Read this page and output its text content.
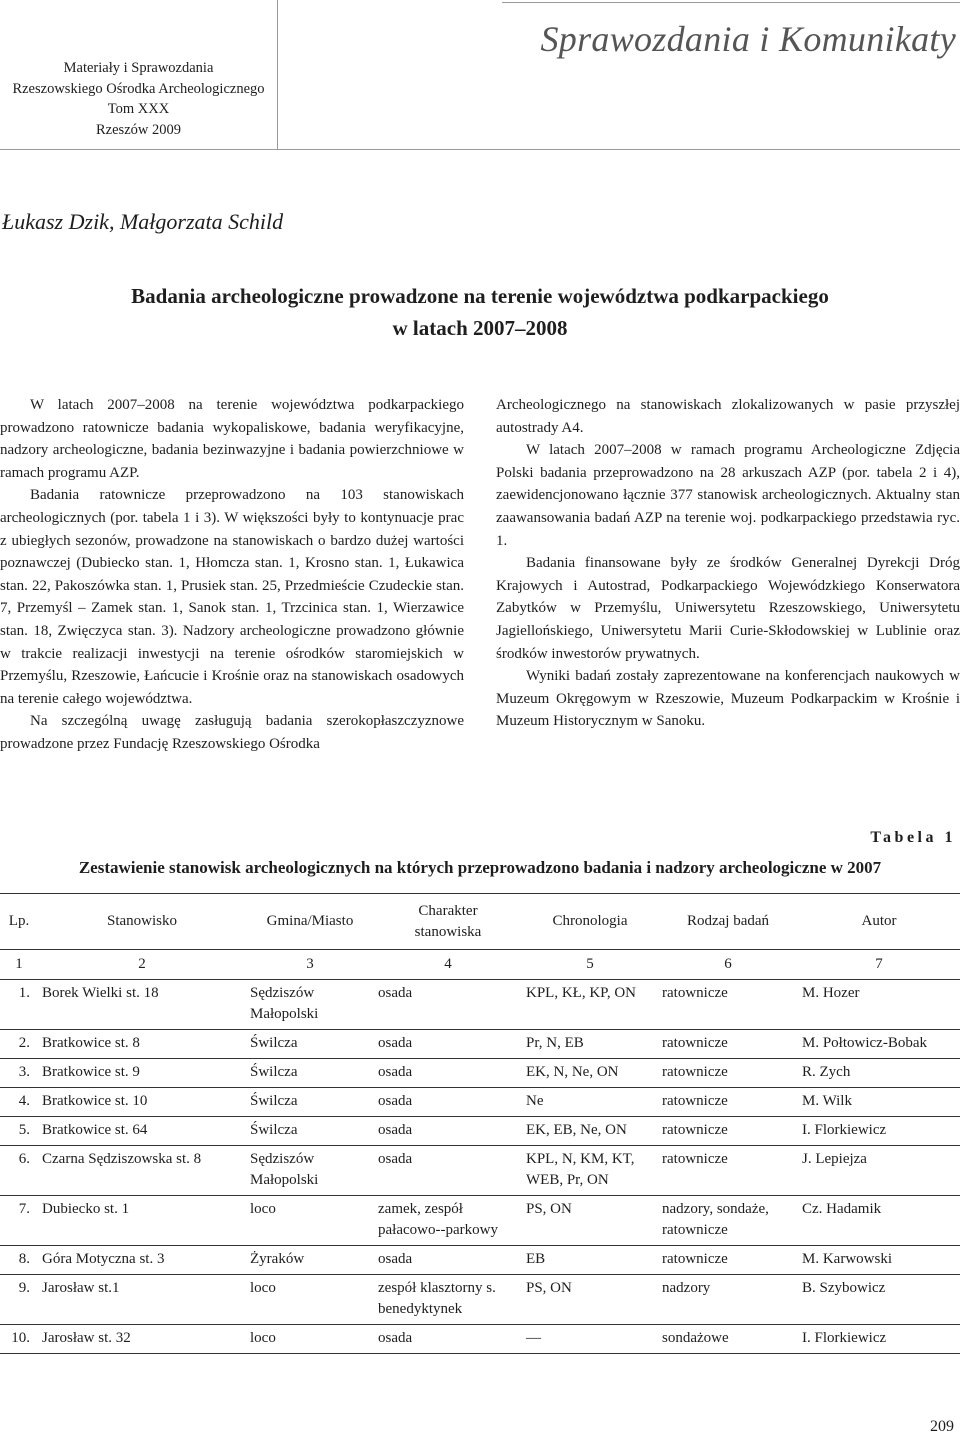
Materiały i Sprawozdania
Rzeszowskiego Ośrodka Archeologicznego
Tom XXX
Rzeszów 2009
Sprawozdania i Komunikaty
Łukasz Dzik, Małgorzata Schild
Badania archeologiczne prowadzone na terenie województwa podkarpackiego
w latach 2007–2008

W latach 2007–2008 na terenie województwa podkarpackiego prowadzono ratownicze badania wykopaliskowe, badania weryfikacyjne, nadzory archeologiczne, badania bezinwazyjne i badania powierzchniowe w ramach programu AZP.

Badania ratownicze przeprowadzono na 103 stanowiskach archeologicznych (por. tabela 1 i 3). W większości były to kontynuacje prac z ubiegłych sezonów, prowadzone na stanowiskach o bardzo dużej wartości poznawczej (Dubiecko stan. 1, Hłomcza stan. 1, Krosno stan. 1, Łukawica stan. 22, Pakoszówka stan. 1, Prusiek stan. 25, Przedmieście Czudeckie stan. 7, Przemyśl – Zamek stan. 1, Sanok stan. 1, Trzcinica stan. 1, Wierzawice stan. 18, Zwięczyca stan. 3). Nadzory archeologiczne prowadzono głównie w trakcie realizacji inwestycji na terenie ośrodków staromiejskich w Przemyślu, Rzeszowie, Łańcucie i Krośnie oraz na stanowiskach osadowych na terenie całego województwa.

Na szczególną uwagę zasługują badania szerokopłaszczyznowe prowadzone przez Fundację Rzeszowskiego Ośrodka

Archeologicznego na stanowiskach zlokalizowanych w pasie przyszłej autostrady A4.

W latach 2007–2008 w ramach programu Archeologiczne Zdjęcia Polski badania przeprowadzono na 28 arkuszach AZP (por. tabela 2 i 4), zaewidencjonowano łącznie 377 stanowisk archeologicznych. Aktualny stan zaawansowania badań AZP na terenie woj. podkarpackiego przedstawia ryc. 1.

Badania finansowane były ze środków Generalnej Dyrekcji Dróg Krajowych i Autostrad, Podkarpackiego Wojewódzkiego Konserwatora Zabytków w Przemyślu, Uniwersytetu Rzeszowskiego, Uniwersytetu Jagiellońskiego, Uniwersytetu Marii Curie-Skłodowskiej w Lublinie oraz środków inwestorów prywatnych.

Wyniki badań zostały zaprezentowane na konferencjach naukowych w Muzeum Okręgowym w Rzeszowie, Muzeum Podkarpackim w Krośnie i Muzeum Historycznym w Sanoku.

Tabela 1
Zestawienie stanowisk archeologicznych na których przeprowadzono badania i nadzory archeologiczne w 2007
Lp.	Stanowisko	Gmina/Miasto	Charakter stanowiska	Chronologia	Rodzaj badań	Autor
1	2	3	4	5	6	7
1.	Borek Wielki st. 18	Sędziszów Małopolski	osada	KPL, KŁ, KP, ON	ratownicze	M. Hozer
2.	Bratkowice st. 8	Świlcza	osada	Pr, N, EB	ratownicze	M. Połtowicz-Bobak
3.	Bratkowice st. 9	Świlcza	osada	EK, N, Ne, ON	ratownicze	R. Zych
4.	Bratkowice st. 10	Świlcza	osada	Ne	ratownicze	M. Wilk
5.	Bratkowice st. 64	Świlcza	osada	EK, EB, Ne, ON	ratownicze	I. Florkiewicz
6.	Czarna Sędziszowska st. 8	Sędziszów Małopolski	osada	KPL, N, KM, KT, WEB, Pr, ON	ratownicze	J. Lepiejza
7.	Dubiecko st. 1	loco	zamek, zespół pałacowo--parkowy	PS, ON	nadzory, sondaże, ratownicze	Cz. Hadamik
8.	Góra Motyczna st. 3	Żyraków	osada	EB	ratownicze	M. Karwowski
9.	Jarosław st.1	loco	zespół klasztorny s. benedyktynek	PS, ON	nadzory	B. Szybowicz
10.	Jarosław st. 32	loco	osada	—	sondażowe	I. Florkiewicz
209
